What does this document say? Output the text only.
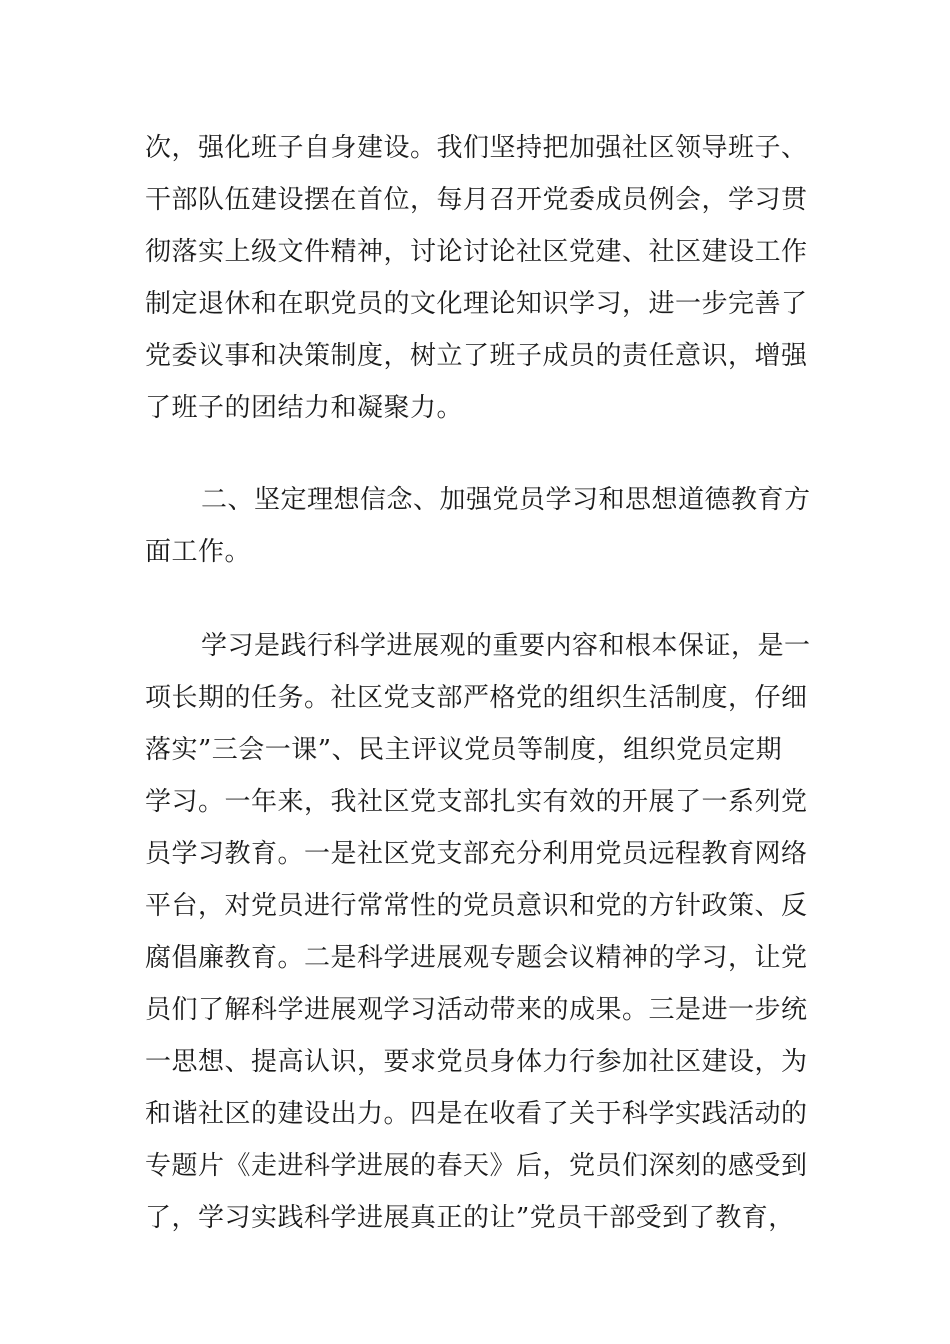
次，强化班子自身建设。我们坚持把加强社区领导班子、
干部队伍建设摆在首位，每月召开党委成员例会，学习贯
彻落实上级文件精神，讨论讨论社区党建、社区建设工作
制定退休和在职党员的文化理论知识学习，进一步完善了
党委议事和决策制度，树立了班子成员的责任意识，增强
了班子的团结力和凝聚力。
二、坚定理想信念、加强党员学习和思想道德教育方
面工作。
学习是践行科学进展观的重要内容和根本保证，是一
项长期的任务。社区党支部严格党的组织生活制度，仔细
落实”三会一课”、民主评议党员等制度，组织党员定期
学习。一年来，我社区党支部扎实有效的开展了一系列党
员学习教育。一是社区党支部充分利用党员远程教育网络
平台，对党员进行常常性的党员意识和党的方针政策、反
腐倡廉教育。二是科学进展观专题会议精神的学习，让党
员们了解科学进展观学习活动带来的成果。三是进一步统
一思想、提高认识，要求党员身体力行参加社区建设，为
和谐社区的建设出力。四是在收看了关于科学实践活动的
专题片《走进科学进展的春天》后，党员们深刻的感受到
了，学习实践科学进展真正的让”党员干部受到了教育，
